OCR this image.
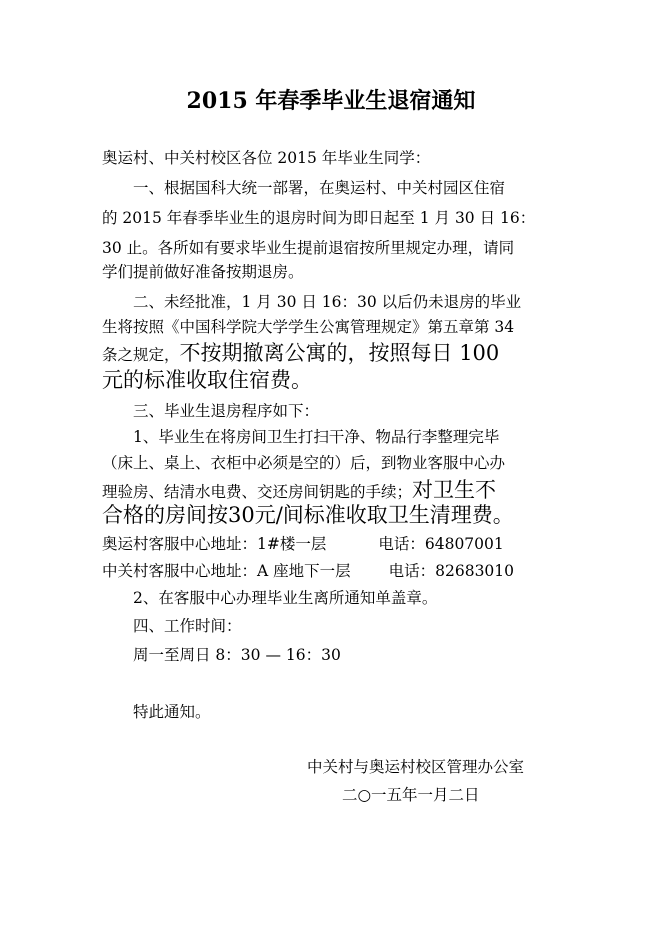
2015 年春季毕业生退宿通知
奥运村、中关村校区各位 2015 年毕业生同学：
一、根据国科大统一部署，在奥运村、中关村园区住宿
的 2015 年春季毕业生的退房时间为即日起至 1 月 30 日 16：
30 止。各所如有要求毕业生提前退宿按所里规定办理，请同
学们提前做好准备按期退房。
二、未经批准，1 月 30 日 16：30 以后仍未退房的毕业
生将按照《中国科学院大学学生公寓管理规定》第五章第 34
条之规定，不按期撤离公寓的，按照每日 100
元的标准收取住宿费。
三、毕业生退房程序如下：
1、毕业生在将房间卫生打扫干净、物品行李整理完毕
（床上、桌上、衣柜中必须是空的）后，到物业客服中心办
理验房、结清水电费、交还房间钥匙的手续；对卫生不
合格的房间按30元/间标准收取卫生清理费。
奥运村客服中心地址：1#楼一层	电话：64807001
中关村客服中心地址：A 座地下一层 电话：82683010
2、在客服中心办理毕业生离所通知单盖章。
四、工作时间：
周一至周日 8：30 — 16：30
特此通知。
中关村与奥运村校区管理办公室
二○一五年一月二日
